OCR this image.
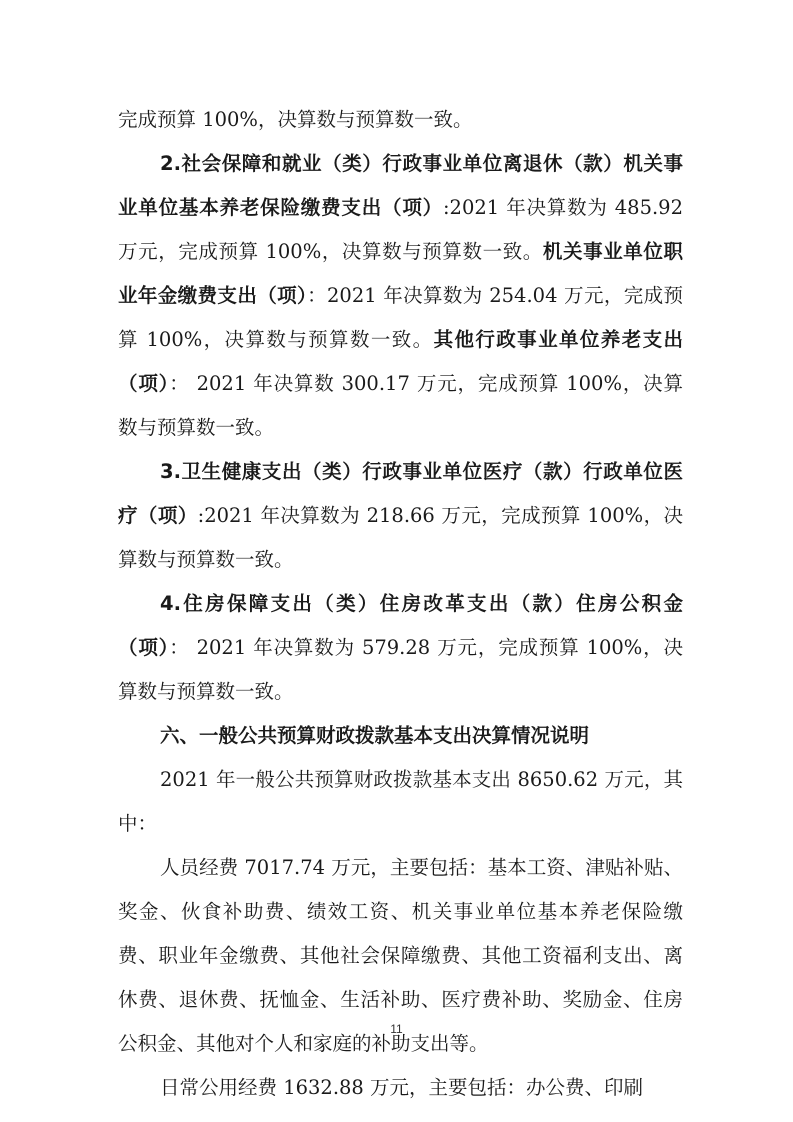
完成预算 100%，决算数与预算数一致。

2.社会保障和就业（类）行政事业单位离退休（款）机关事业单位基本养老保险缴费支出（项）:2021 年决算数为 485.92 万元，完成预算 100%，决算数与预算数一致。机关事业单位职业年金缴费支出（项）：2021 年决算数为 254.04 万元，完成预算 100%，决算数与预算数一致。其他行政事业单位养老支出（项）： 2021 年决算数 300.17 万元，完成预算 100%，决算数与预算数一致。

3.卫生健康支出（类）行政事业单位医疗（款）行政单位医疗（项）:2021 年决算数为 218.66 万元，完成预算 100%，决算数与预算数一致。

4.住房保障支出（类）住房改革支出（款）住房公积金（项）： 2021 年决算数为 579.28 万元，完成预算 100%，决算数与预算数一致。

六、一般公共预算财政拨款基本支出决算情况说明

2021 年一般公共预算财政拨款基本支出 8650.62 万元，其中：

人员经费 7017.74 万元，主要包括：基本工资、津贴补贴、奖金、伙食补助费、绩效工资、机关事业单位基本养老保险缴费、职业年金缴费、其他社会保障缴费、其他工资福利支出、离休费、退休费、抚恤金、生活补助、医疗费补助、奖励金、住房公积金、其他对个人和家庭的补助支出等。

日常公用经费 1632.88 万元，主要包括：办公费、印刷

11
